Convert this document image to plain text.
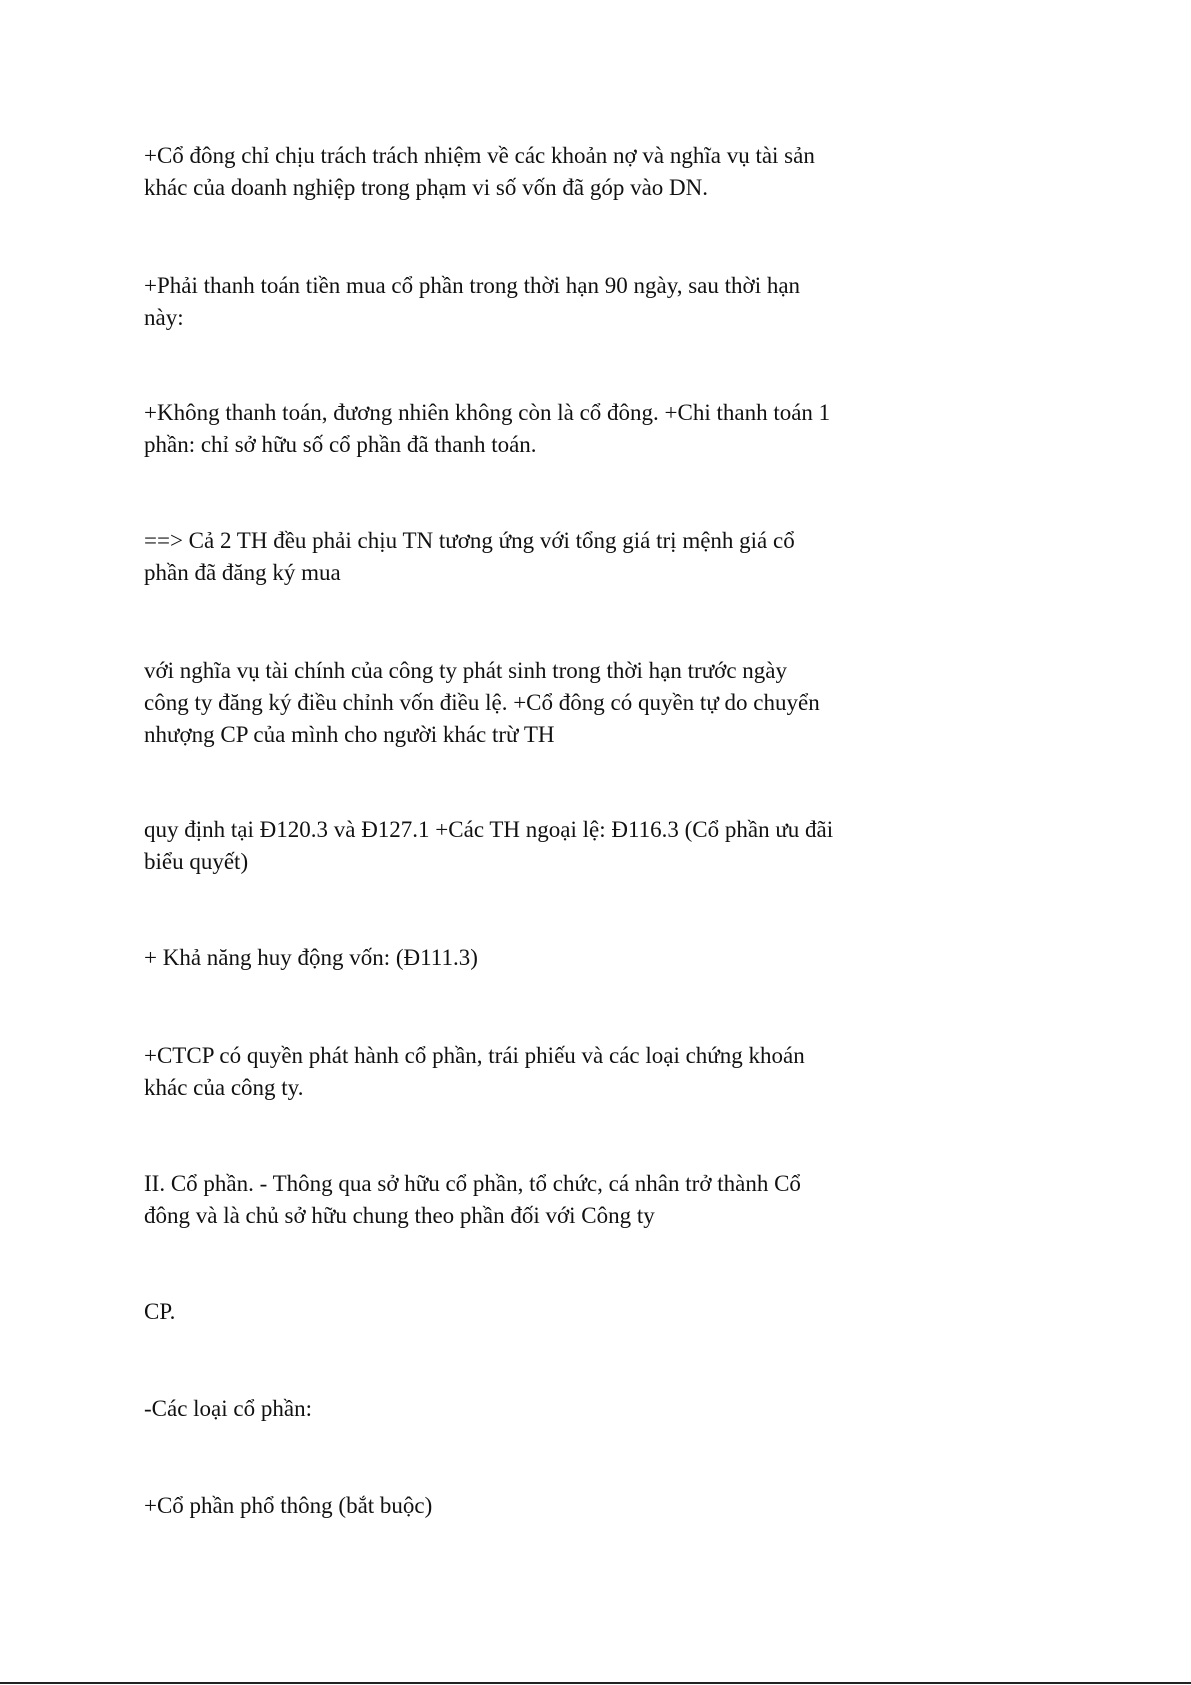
+Cổ đông chỉ chịu trách trách nhiệm về các khoản nợ và nghĩa vụ tài sản
khác của doanh nghiệp trong phạm vi số vốn đã góp vào DN.

+Phải thanh toán tiền mua cổ phần trong thời hạn 90 ngày, sau thời hạn
này:

+Không thanh toán, đương nhiên không còn là cổ đông. +Chi thanh toán 1
phần: chỉ sở hữu số cổ phần đã thanh toán.

==> Cả 2 TH đều phải chịu TN tương ứng với tổng giá trị mệnh giá cổ
phần đã đăng ký mua

với nghĩa vụ tài chính của công ty phát sinh trong thời hạn trước ngày
công ty đăng ký điều chỉnh vốn điều lệ. +Cổ đông có quyền tự do chuyển
nhượng CP của mình cho người khác trừ TH

quy định tại Đ120.3 và Đ127.1 +Các TH ngoại lệ: Đ116.3 (Cổ phần ưu đãi
biểu quyết)

+ Khả năng huy động vốn: (Đ111.3)

+CTCP có quyền phát hành cổ phần, trái phiếu và các loại chứng khoán
khác của công ty.

II. Cổ phần. - Thông qua sở hữu cổ phần, tổ chức, cá nhân trở thành Cổ
đông và là chủ sở hữu chung theo phần đối với Công ty

CP.

-Các loại cổ phần:

+Cổ phần phổ thông (bắt buộc)
